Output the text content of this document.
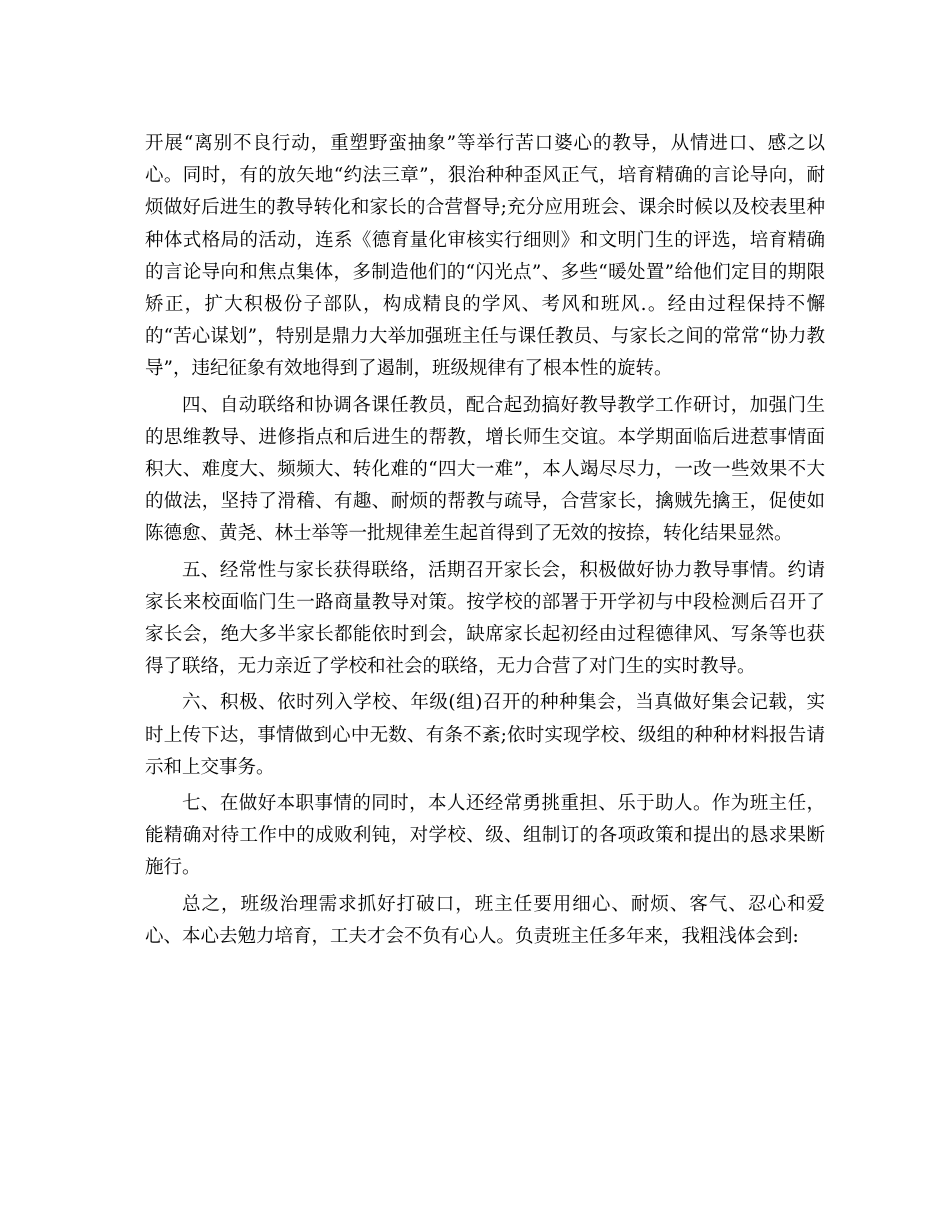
开展“离别不良行动，重塑野蛮抽象”等举行苦口婆心的教导，从情进口、感之以心。同时，有的放矢地“约法三章”，狠治种种歪风正气，培育精确的言论导向，耐烦做好后进生的教导转化和家长的合营督导;充分应用班会、课余时候以及校表里种种体式格局的活动，连系《德育量化审核实行细则》和文明门生的评选，培育精确的言论导向和焦点集体，多制造他们的“闪光点”、多些“暖处置”给他们定目的期限矫正，扩大积极份子部队，构成精良的学风、考风和班风.。经由过程保持不懈的“苦心谋划”，特别是鼎力大举加强班主任与课任教员、与家长之间的常常“协力教导”，违纪征象有效地得到了遏制，班级规律有了根本性的旋转。

四、自动联络和协调各课任教员，配合起劲搞好教导教学工作研讨，加强门生的思维教导、进修指点和后进生的帮教，增长师生交谊。本学期面临后进惹事情面积大、难度大、频频大、转化难的“四大一难”，本人竭尽尽力，一改一些效果不大的做法，坚持了滑稽、有趣、耐烦的帮教与疏导，合营家长，擒贼先擒王，促使如陈德愈、黄尧、林士举等一批规律差生起首得到了无效的按捺，转化结果显然。

五、经常性与家长获得联络，活期召开家长会，积极做好协力教导事情。约请家长来校面临门生一路商量教导对策。按学校的部署于开学初与中段检测后召开了家长会，绝大多半家长都能依时到会，缺席家长起初经由过程德律风、写条等也获得了联络，无力亲近了学校和社会的联络，无力合营了对门生的实时教导。

六、积极、依时列入学校、年级(组)召开的种种集会，当真做好集会记载，实时上传下达，事情做到心中无数、有条不紊;依时实现学校、级组的种种材料报告请示和上交事务。

七、在做好本职事情的同时，本人还经常勇挑重担、乐于助人。作为班主任，能精确对待工作中的成败利钝，对学校、级、组制订的各项政策和提出的恳求果断施行。

总之，班级治理需求抓好打破口，班主任要用细心、耐烦、客气、忍心和爱心、本心去勉力培育，工夫才会不负有心人。负责班主任多年来，我粗浅体会到:
